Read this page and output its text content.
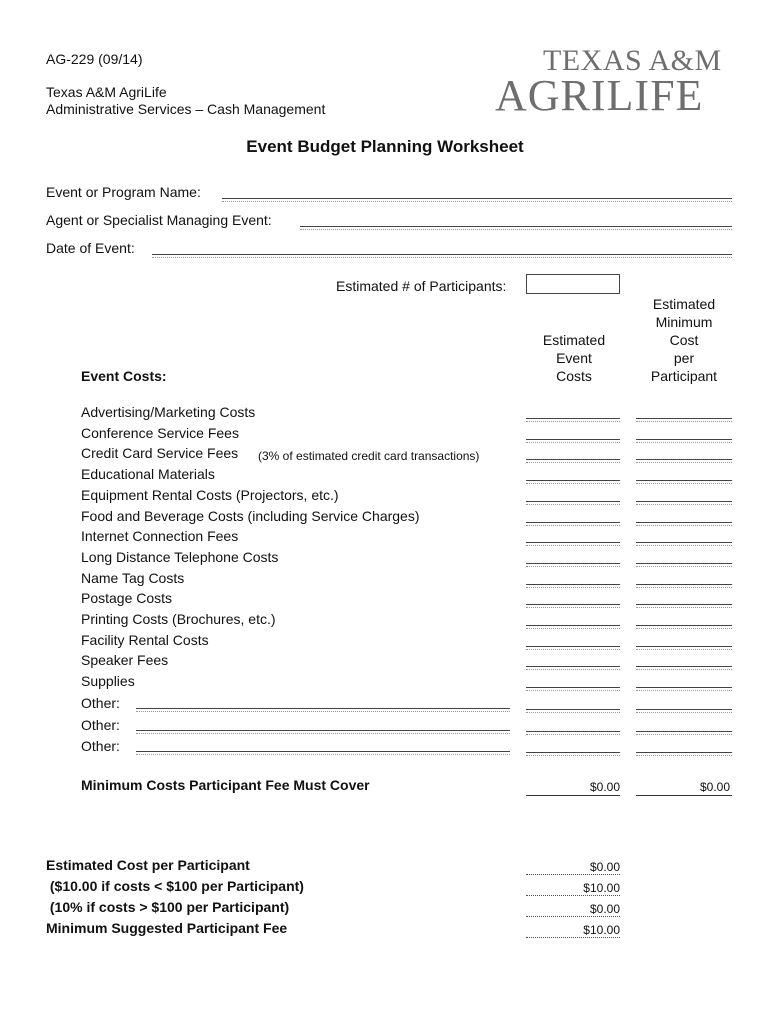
AG-229 (09/14)
Texas A&M AgriLife
Administrative Services – Cash Management
TEXAS A&M
AGRILIFE
Event Budget Planning Worksheet
Event or Program Name:
Agent or Specialist Managing Event:
Date of Event:
Estimated # of Participants:
Estimated
Event
Costs
Estimated
Minimum
Cost
per
Participant
Event Costs:
Advertising/Marketing Costs
Conference Service Fees
Credit Card Service Fees	(3% of estimated credit card transactions)
Educational Materials
Equipment Rental Costs (Projectors, etc.)
Food and Beverage Costs (including Service Charges)
Internet Connection Fees
Long Distance Telephone Costs
Name Tag Costs
Postage Costs
Printing Costs (Brochures, etc.)
Facility Rental Costs
Speaker Fees
Supplies
Other:
Other:
Other:
Minimum Costs Participant Fee Must Cover	$0.00	$0.00
Estimated Cost per Participant	$0.00
($10.00 if costs < $100 per Participant)	$10.00
(10% if costs > $100 per Participant)	$0.00
Minimum Suggested Participant Fee	$10.00
